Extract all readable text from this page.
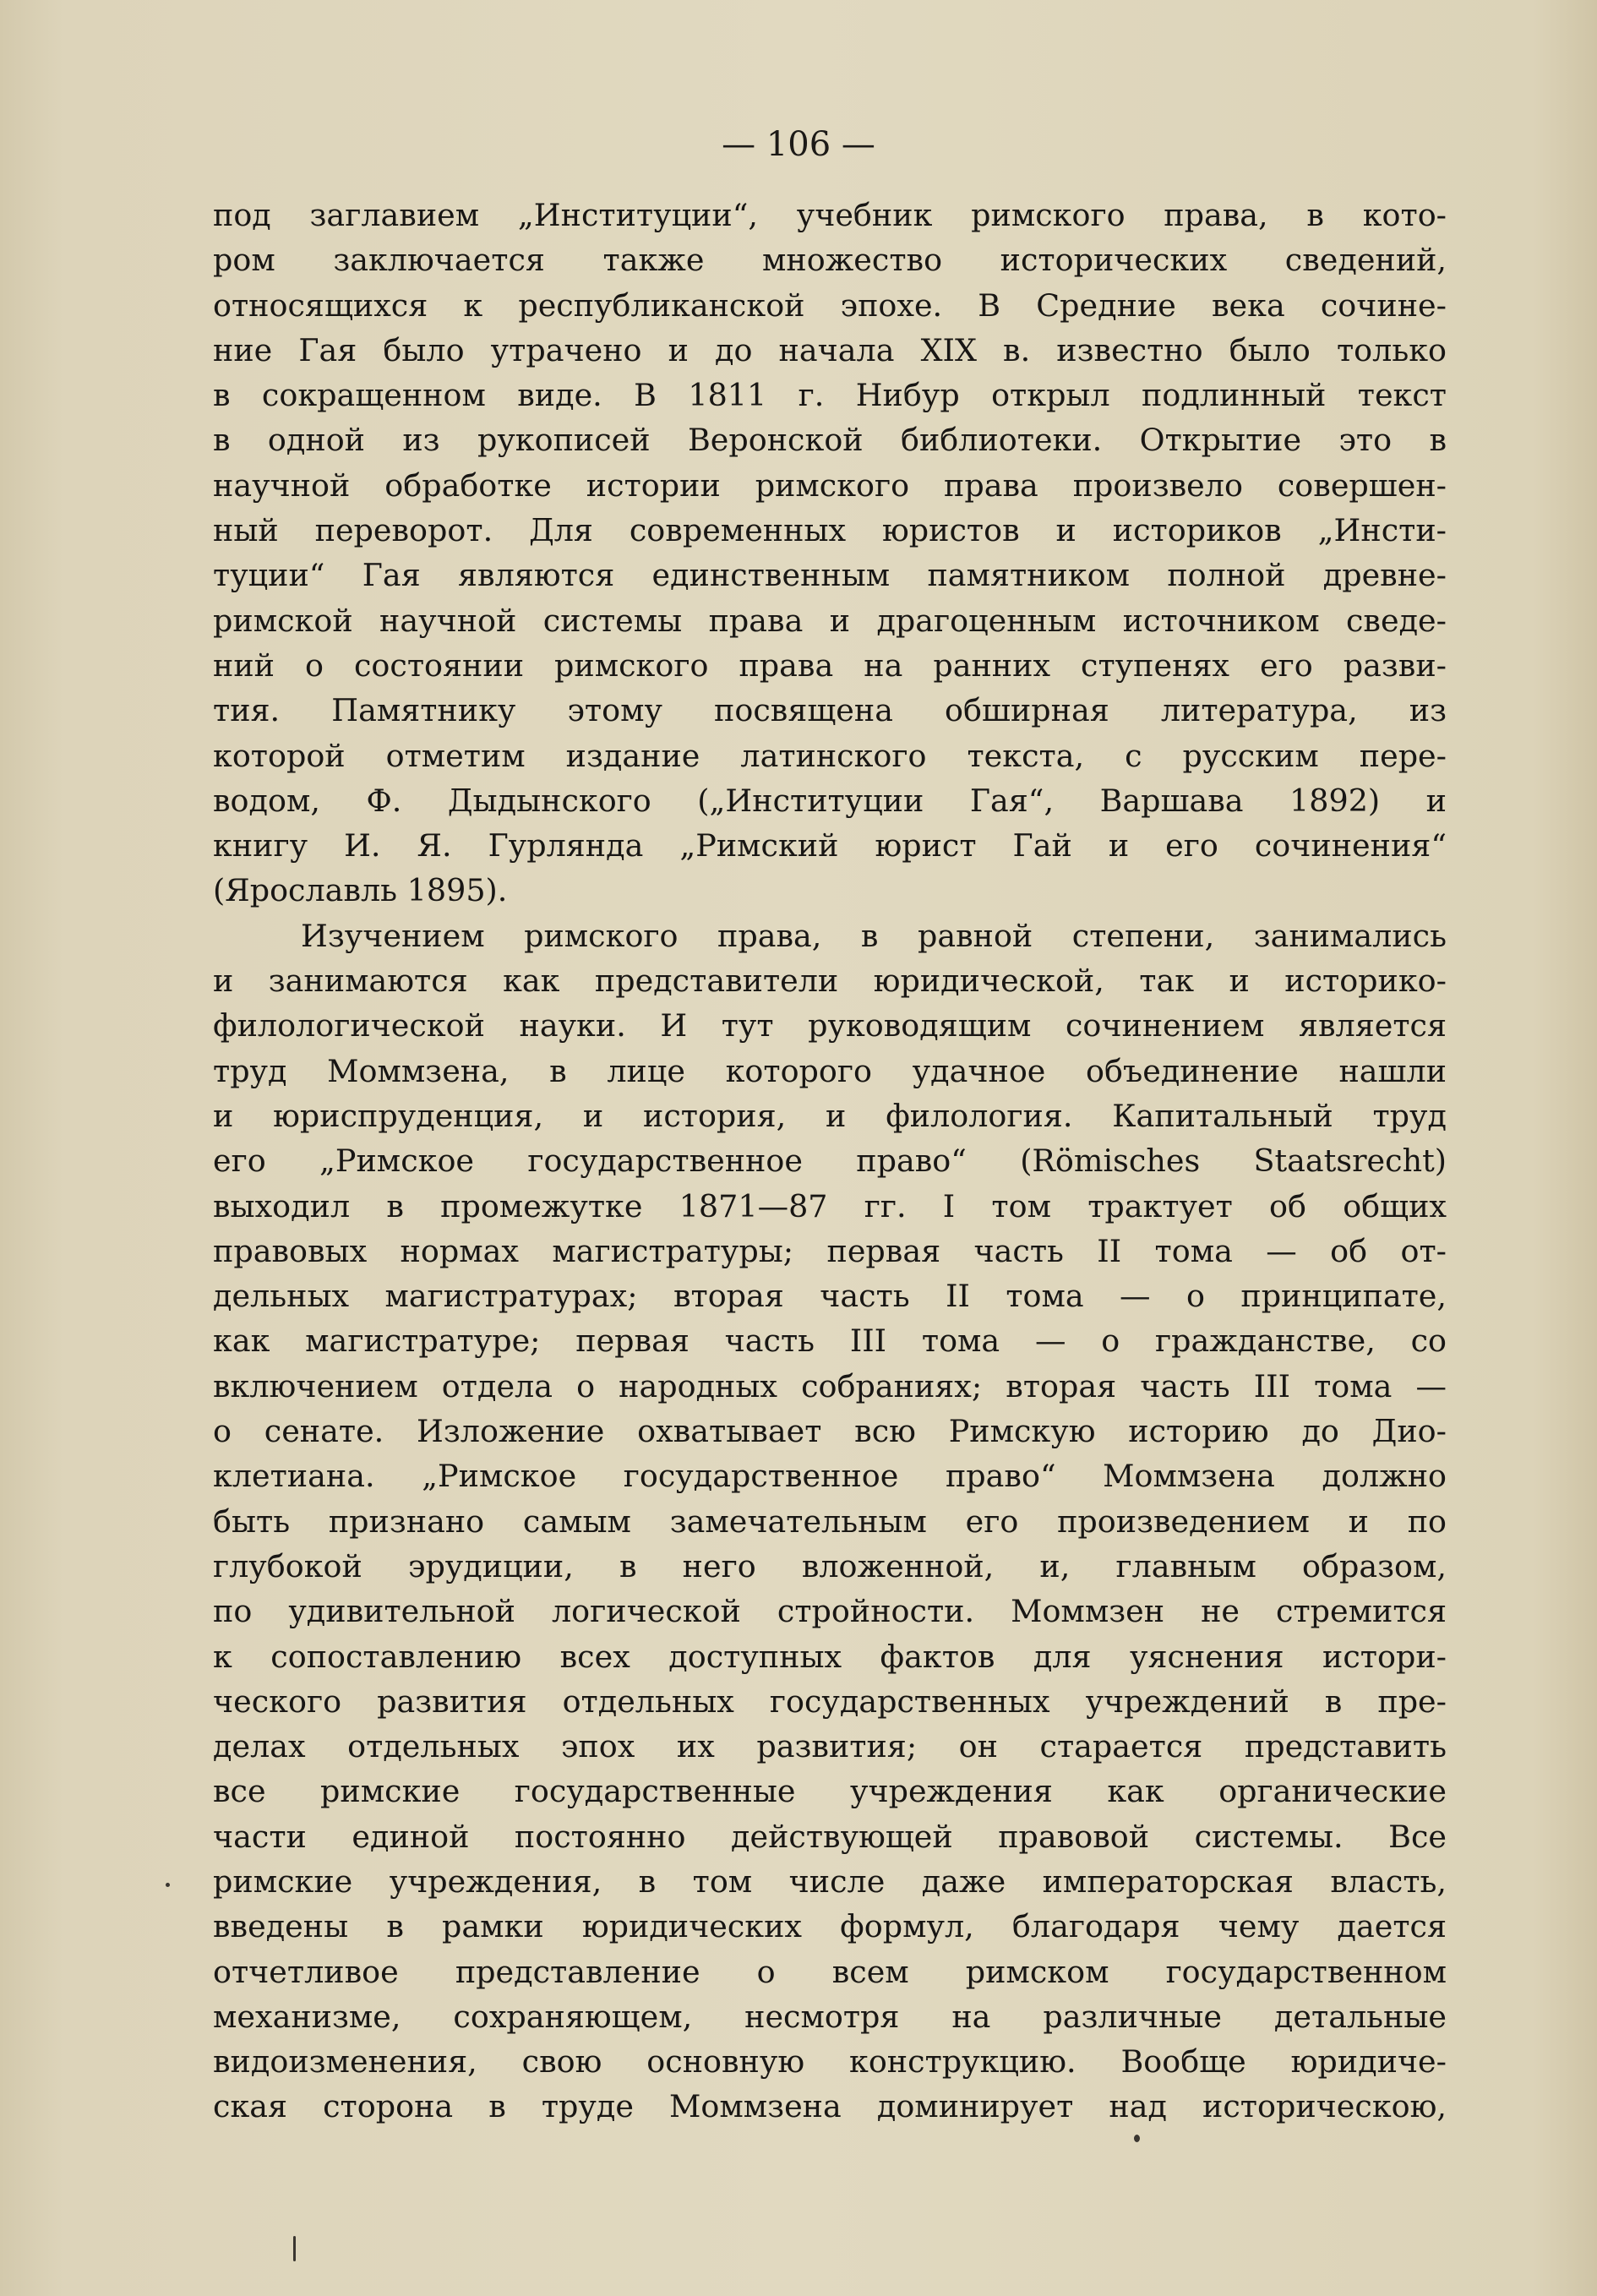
— 106 —
под заглавием „Институции“, учебник римского права, в кото-
ром заключается также множество исторических сведений,
относящихся к республиканской эпохе. В Средние века сочине-
ние Гая было утрачено и до начала XIX в. известно было только
в сокращенном виде. В 1811 г. Нибур открыл подлинный текст
в одной из рукописей Веронской библиотеки. Открытие это в
научной обработке истории римского права произвело совершен-
ный переворот. Для современных юристов и историков „Инсти-
туции“ Гая являются единственным памятником полной древне-
римской научной системы права и драгоценным источником сведе-
ний о состоянии римского права на ранних ступенях его разви-
тия. Памятнику этому посвящена обширная литература, из
которой отметим издание латинского текста, с русским пере-
водом, Ф. Дыдынского („Институции Гая“, Варшава 1892) и
книгу И. Я. Гурлянда „Римский юрист Гай и его сочинения“
(Ярославль 1895).
Изучением римского права, в равной степени, занимались
и занимаются как представители юридической, так и историко-
филологической науки. И тут руководящим сочинением является
труд Моммзена, в лице которого удачное объединение нашли
и юриспруденция, и история, и филология. Капитальный труд
его „Римское государственное право“ (Römisches Staatsrecht)
выходил в промежутке 1871—87 гг. I том трактует об общих
правовых нормах магистратуры; первая часть II тома — об от-
дельных магистратурах; вторая часть II тома — о принципате,
как магистратуре; первая часть III тома — о гражданстве, со
включением отдела о народных собраниях; вторая часть III тома —
о сенате. Изложение охватывает всю Римскую историю до Дио-
клетиана. „Римское государственное право“ Моммзена должно
быть признано самым замечательным его произведением и по
глубокой эрудиции, в него вложенной, и, главным образом,
по удивительной логической стройности. Моммзен не стремится
к сопоставлению всех доступных фактов для уяснения истори-
ческого развития отдельных государственных учреждений в пре-
делах отдельных эпох их развития; он старается представить
все римские государственные учреждения как органические
части единой постоянно действующей правовой системы. Все
римские учреждения, в том числе даже императорская власть,
введены в рамки юридических формул, благодаря чему дается
отчетливое представление о всем римском государственном
механизме, сохраняющем, несмотря на различные детальные
видоизменения, свою основную конструкцию. Вообще юридиче-
ская сторона в труде Моммзена доминирует над историческою,
